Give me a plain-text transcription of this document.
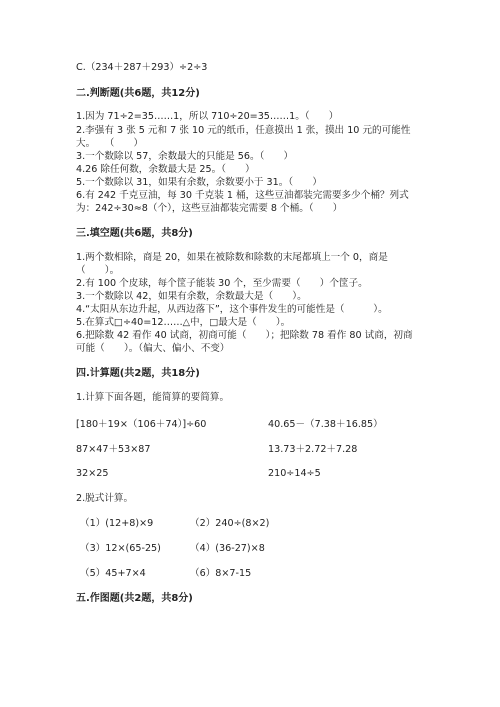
C.（234＋287＋293）÷2÷3
二.判断题(共6题，共12分)
1.因为 71÷2=35……1，所以 710÷20=35……1。（　　）
2.李强有 3 张 5 元和 7 张 10 元的纸币，任意摸出 1 张，摸出 10 元的可能性
大。　　（　　）
3.一个数除以 57，余数最大的只能是 56。（　　）
4.26 除任何数，余数最大是 25。（　　）
5.一个数除以 31，如果有余数，余数要小于 31。（　　）
6.有 242 千克豆油，每 30 千克装 1 桶，这些豆油都装完需要多少个桶？列式
为：242÷30≈8（个），这些豆油都装完需要 8 个桶。（　　）
三.填空题(共6题，共8分)
1.两个数相除，商是 20，如果在被除数和除数的末尾都填上一个 0，商是
（　　）。
2.有 100 个皮球，每个筐子能装 30 个，至少需要（　　）个筐子。
3.一个数除以 42，如果有余数，余数最大是（　　）。
4.“太阳从东边升起，从西边落下”，这个事件发生的可能性是（　　　）。
5.在算式□÷40=12……△中，□最大是（　　）。
6.把除数 42 看作 40 试商，初商可能（　　）；把除数 78 看作 80 试商，初商
可能（　　）。（偏大、偏小、不变）
四.计算题(共2题，共18分)
1.计算下面各题，能简算的要简算。
[180＋19×（106＋74）]÷60	40.65－（7.38＋16.85）
87×47＋53×87	13.73＋2.72＋7.28
32×25	210÷14÷5
2.脱式计算。
（1）(12+8)×9	（2）240÷(8×2)
（3）12×(65-25)	（4）(36-27)×8
（5）45+7×4	（6）8×7-15
五.作图题(共2题，共8分)
